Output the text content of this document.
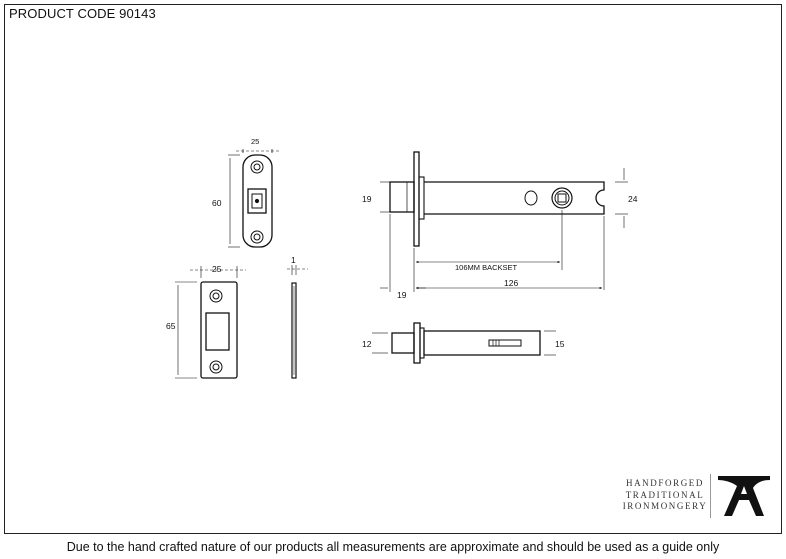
PRODUCT CODE 90143
25
60
25
1
65
19	24
106MM BACKSET
126
19
12	15
HANDFORGED
TRADITIONAL
IRONMONGERY
Due to the hand crafted nature of our products all measurements are approximate and should be used as a guide only
